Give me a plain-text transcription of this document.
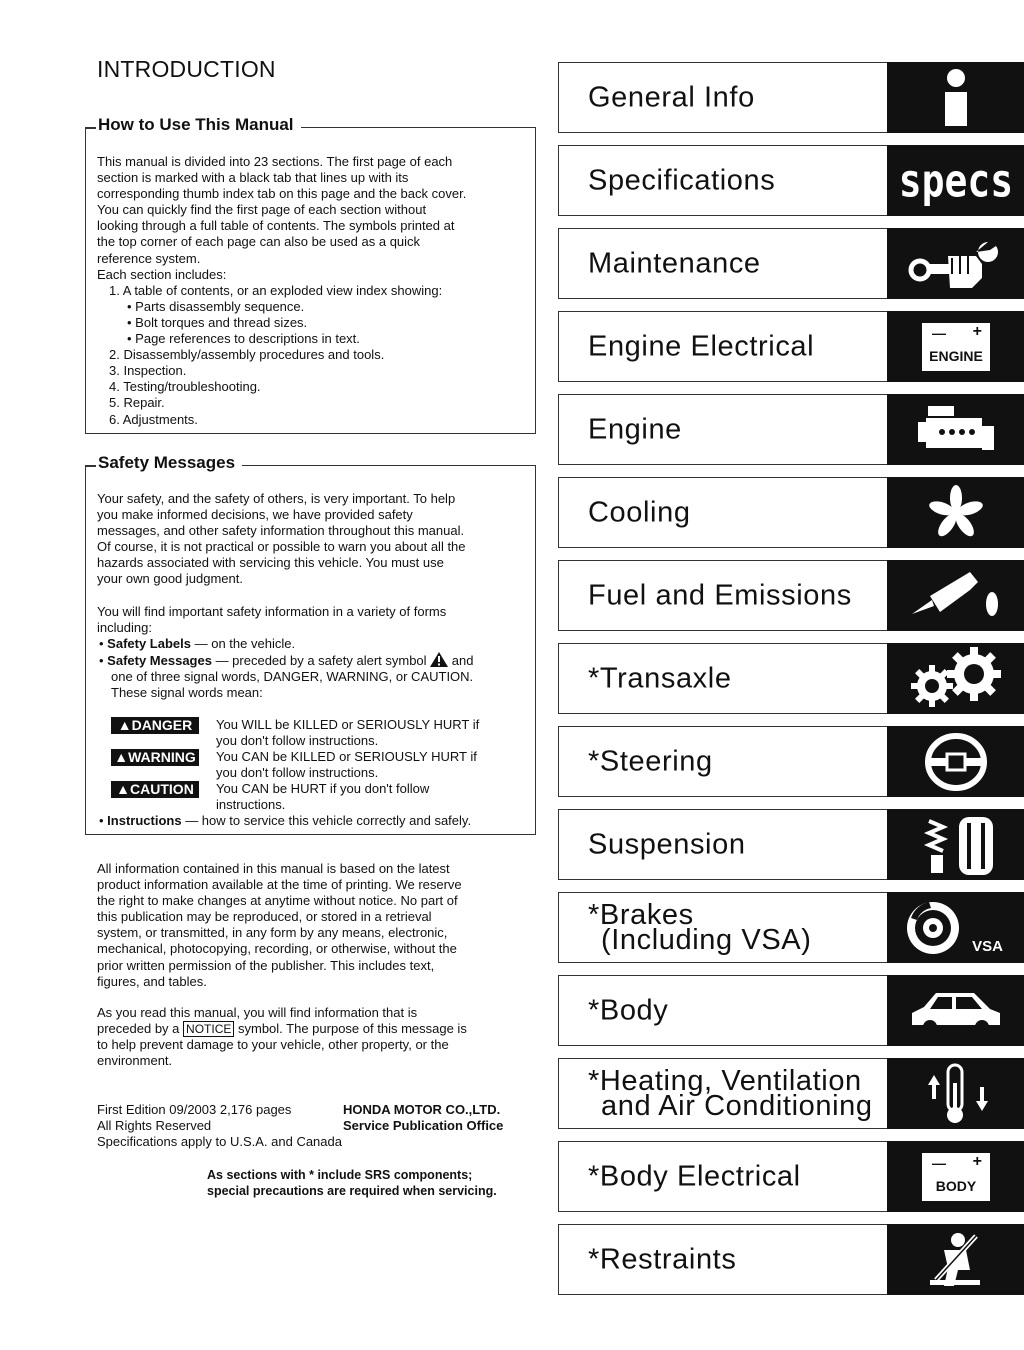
INTRODUCTION
How to Use This Manual

This manual is divided into 23 sections. The first page of each

section is marked with a black tab that lines up with its

corresponding thumb index tab on this page and the back cover.

You can quickly find the first page of each section without

looking through a full table of contents. The symbols printed at

the top corner of each page can also be used as a quick

reference system.

Each section includes:

1. A table of contents, or an exploded view index showing:

• Parts disassembly sequence.

• Bolt torques and thread sizes.

• Page references to descriptions in text.

2. Disassembly/assembly procedures and tools.

3. Inspection.

4. Testing/troubleshooting.

5. Repair.

6. Adjustments.

Safety Messages

Your safety, and the safety of others, is very important. To help

you make informed decisions, we have provided safety

messages, and other safety information throughout this manual.

Of course, it is not practical or possible to warn you about all the

hazards associated with servicing this vehicle. You must use

your own good judgment.

You will find important safety information in a variety of forms

including:

• Safety Labels — on the vehicle.

• Safety Messages — preceded by a safety alert symbol  and

one of three signal words, DANGER, WARNING, or CAUTION.

These signal words mean:

▲DANGER	You WILL be KILLED or SERIOUSLY HURT if
you don't follow instructions.
▲WARNING You CAN be KILLED or SERIOUSLY HURT if
you don't follow instructions.
▲CAUTION	You CAN be HURT if you don't follow
instructions.

• Instructions — how to service this vehicle correctly and safely.

All information contained in this manual is based on the latest
product information available at the time of printing. We reserve
the right to make changes at anytime without notice. No part of
this publication may be reproduced, or stored in a retrieval
system, or transmitted, in any form by any means, electronic,
mechanical, photocopying, recording, or otherwise, without the
prior written permission of the publisher. This includes text,
figures, and tables.
As you read this manual, you will find information that is
preceded by a NOTICE symbol. The purpose of this message is
to help prevent damage to your vehicle, other property, or the
environment.
First Edition 09/2003 2,176 pages
All Rights Reserved
Specifications apply to U.S.A. and Canada
HONDA MOTOR CO.,LTD.
Service Publication Office
As sections with * include SRS components;
special precautions are required when servicing.
General Info
Specifications	specs
Maintenance
Engine Electrical	— +
ENGINE
Engine
Cooling
Fuel and Emissions
*Transaxle
*Steering
Suspension
*Brakes
(Including VSA)	VSA
*Body
*Heating, Ventilation
and Air Conditioning
*Body Electrical	— +
BODY
*Restraints
